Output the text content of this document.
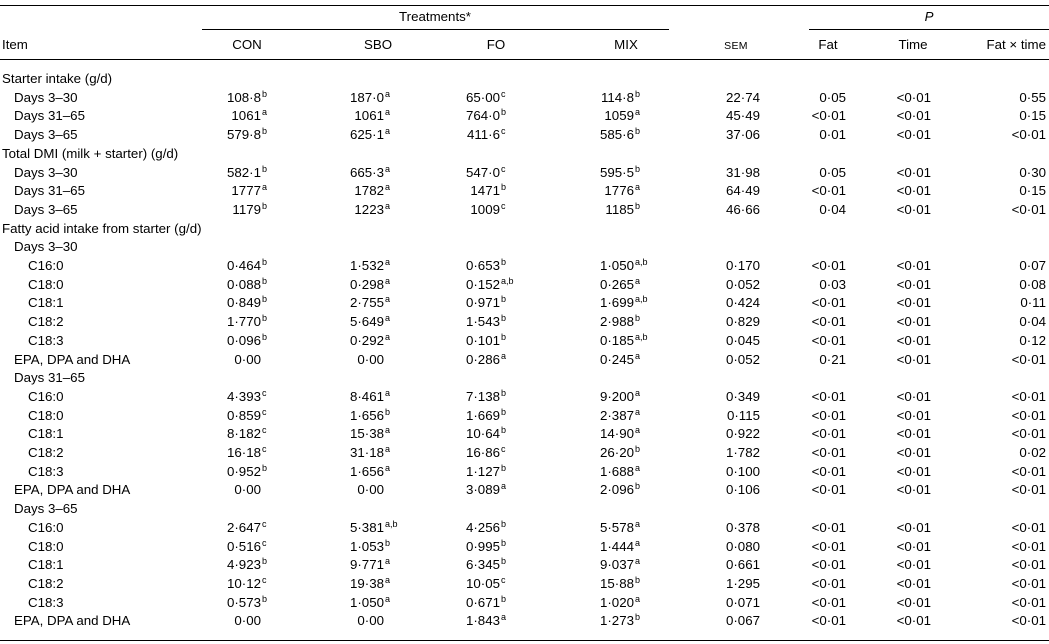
Treatments*	P
Item	CON	SBO	FO	MIX	SEM	Fat	Time	Fat × time
Starter intake (g/d)
Days 3–30	108·8 b	187·0 a	65·00 c	114·8 b	22·74	0·05	<0·01	0·55
Days 31–65	1061 a	1061 a	764·0 b	1059 a	45·49	<0·01	<0·01	0·15
Days 3–65	579·8 b	625·1 a	411·6 c	585·6 b	37·06	0·01	<0·01	<0·01
Total DMI (milk + starter) (g/d)
Days 3–30	582·1 b	665·3 a	547·0 c	595·5 b	31·98	0·05	<0·01	0·30
Days 31–65	1777 a	1782 a	1471 b	1776 a	64·49	<0·01	<0·01	0·15
Days 3–65	1179 b	1223 a	1009 c	1185 b	46·66	0·04	<0·01	<0·01
Fatty acid intake from starter (g/d)
Days 3–30
C16:0	0·464 b	1·532 a	0·653 b	1·050 a,b	0·170	<0·01	<0·01	0·07
C18:0	0·088 b	0·298 a	0·152 a,b	0·265 a	0·052	0·03	<0·01	0·08
C18:1	0·849 b	2·755 a	0·971 b	1·699 a,b	0·424	<0·01	<0·01	0·11
C18:2	1·770 b	5·649 a	1·543 b	2·988 b	0·829	<0·01	<0·01	0·04
C18:3	0·096 b	0·292 a	0·101 b	0·185 a,b	0·045	<0·01	<0·01	0·12
EPA, DPA and DHA	0·00	0·00	0·286 a	0·245 a	0·052	0·21	<0·01	<0·01
Days 31–65
C16:0	4·393 c	8·461 a	7·138 b	9·200 a	0·349	<0·01	<0·01	<0·01
C18:0	0·859 c	1·656 b	1·669 b	2·387 a	0·115	<0·01	<0·01	<0·01
C18:1	8·182 c	15·38 a	10·64 b	14·90 a	0·922	<0·01	<0·01	<0·01
C18:2	16·18 c	31·18 a	16·86 c	26·20 b	1·782	<0·01	<0·01	0·02
C18:3	0·952 b	1·656 a	1·127 b	1·688 a	0·100	<0·01	<0·01	<0·01
EPA, DPA and DHA	0·00	0·00	3·089 a	2·096 b	0·106	<0·01	<0·01	<0·01
Days 3–65
C16:0	2·647 c	5·381 a,b	4·256 b	5·578 a	0·378	<0·01	<0·01	<0·01
C18:0	0·516 c	1·053 b	0·995 b	1·444 a	0·080	<0·01	<0·01	<0·01
C18:1	4·923 b	9·771 a	6·345 b	9·037 a	0·661	<0·01	<0·01	<0·01
C18:2	10·12 c	19·38 a	10·05 c	15·88 b	1·295	<0·01	<0·01	<0·01
C18:3	0·573 b	1·050 a	0·671 b	1·020 a	0·071	<0·01	<0·01	<0·01
EPA, DPA and DHA	0·00	0·00	1·843 a	1·273 b	0·067	<0·01	<0·01	<0·01
